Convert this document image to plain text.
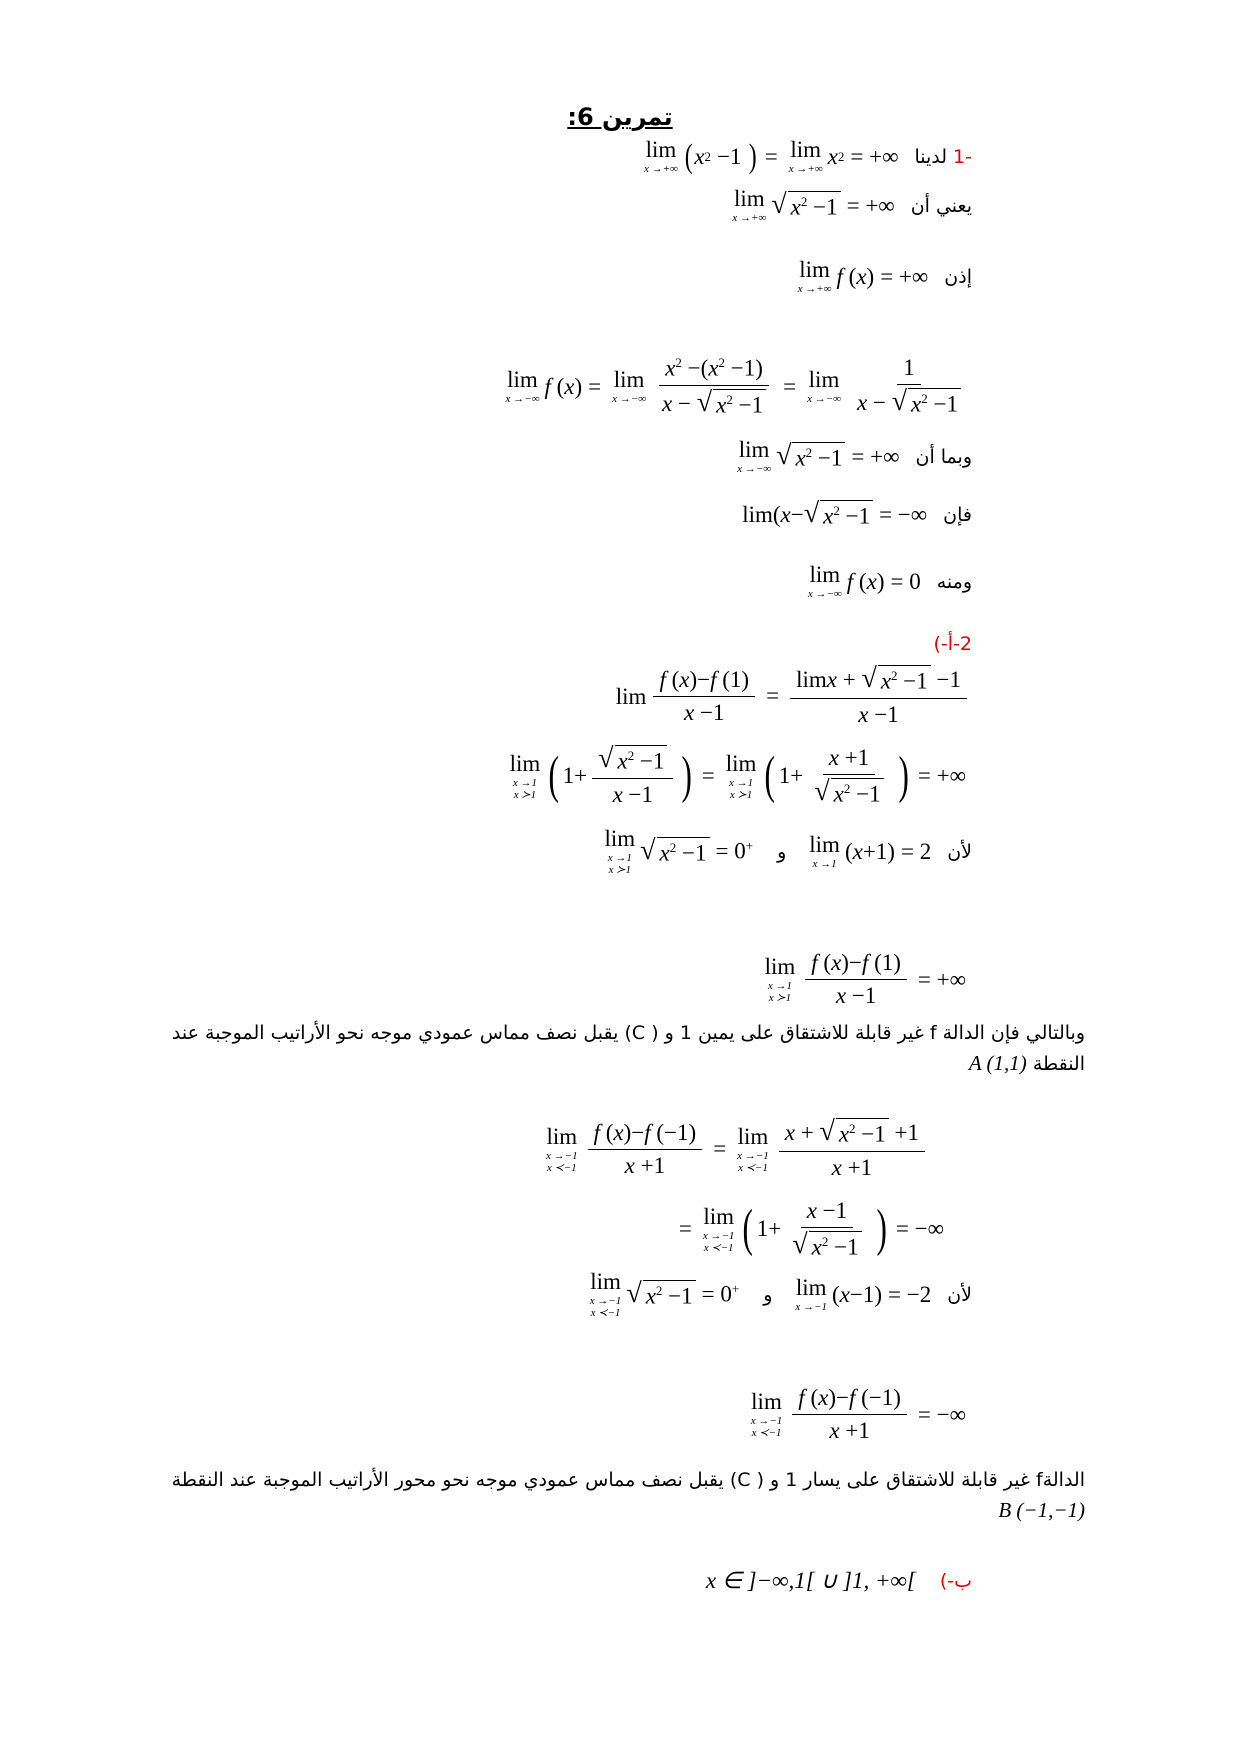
تمرين 6:
lim
x →+∞ ( x 2 −1 ) = lim
x →+∞
x 2 = +∞ لدينا -1
lim
x →+∞ √ $x^2 -1$ = +∞ يعني أن
lim
x →+∞
f ( x ) = +∞ إذن
lim
x →−∞
f ( x ) = lim
x →−∞ $\frac{x^2 -(x^2 -1)}{x - √ x^2 -1} = \lim$
x →−∞ $\frac{1}{x - √ x^2 -1}$
lim
x →−∞ √ $x^2 -1$ = +∞ وبما أن
lim( x − √ $x^2 -1$ = −∞ فإن
lim
x →−∞
f ( x ) = 0 ومنه
2-أ-)
$\lim \frac{f (x)-f (1)}{x -1} = \frac{\lim x + √ x^2 -1 -1}{x -1}$
lim
x →1
x ≻1 ( $1+ \frac{√ x^2 -1}{x -1}$ ) = lim
x →1
x ≻1 ( $1+ \frac{x +1}{√ x^2 -1}$ ) = +∞
lim
x →1
x ≻1
√ $x^2 -1 = 0^+$ و lim
x →1
( x +1) = 2 لأن
lim
x →1
x ≻1 $\frac{f (x)-f (1)}{x -1}$ = +∞
وبالتالي فإن الدالة f غير قابلة للاشتقاق على يمين 1 و ( C) يقبل نصف مماس عمودي موجه نحو الأراتيب الموجبة عند
النقطة A (1,1)
lim
x →−1
x ≺−1 $\frac{f (x)-f (-1)}{x +1} = \lim$
x →−1
x ≺−1 $\frac{x + √ x^2 -1 +1}{x +1}$
= lim
x →−1
x ≺−1 ( $1+ \frac{x -1}{√ x^2 -1}$ ) = −∞
lim
x →−1
x ≺−1
√ $x^2 -1 = 0^+$ و lim
x →−1
( x −1) = −2 لأن
lim
x →−1
x ≺−1 $\frac{f (x)-f (-1)}{x +1}$ = −∞
الدالةf غير قابلة للاشتقاق على يسار 1 و ( C) يقبل نصف مماس عمودي موجه نحو محور الأراتيب الموجبة عند النقطة
B (−1,−1)
x ∈ ]−∞,1[ ∪ ]1, +∞[ ب-)
